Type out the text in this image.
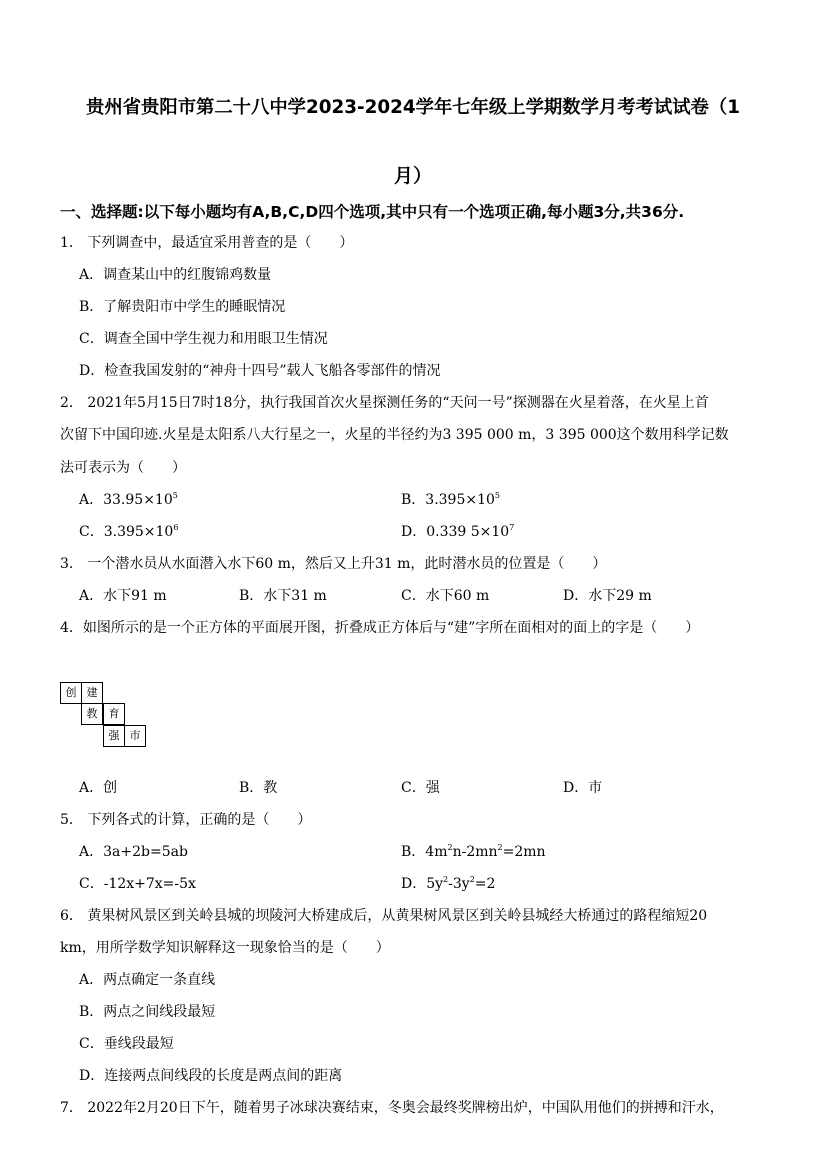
贵州省贵阳市第二十八中学2023-2024学年七年级上学期数学月考考试试卷（1
月）
一、选择题:以下每小题均有A,B,C,D四个选项,其中只有一个选项正确,每小题3分,共36分.
1． 下列调查中，最适宜采用普查的是（　　）
A．调查某山中的红腹锦鸡数量
B．了解贵阳市中学生的睡眠情况
C．调查全国中学生视力和用眼卫生情况
D．检查我国发射的“神舟十四号”载人飞船各零部件的情况
2． 2021年5月15日7时18分，执行我国首次火星探测任务的“天问一号”探测器在火星着落，在火星上首
次留下中国印迹.火星是太阳系八大行星之一，火星的半径约为3 395 000 m，3 395 000这个数用科学记数
法可表示为（　　）
A．$33.95\times 10^5$	B．$3.395\times 10^5$
C．$3.395\times 10^6$	D．0.339 $5\times 10^7$
3． 一个潜水员从水面潜入水下60 m，然后又上升31 m，此时潜水员的位置是（　　）
A．水下91 m	B．水下31 m	C．水下60 m	D．水下29 m
4．如图所示的是一个正方体的平面展开图，折叠成正方体后与“建”字所在面相对的面上的字是（　　）
创 建
教	育
强 市
A．创	B．教	C．强	D．市
5． 下列各式的计算，正确的是（　　）
A．3a+2b=5ab	B．$4m^2n-2mn^2=2mn$
C．-12x+7x=-5x	D．$5y^2-3y^2=2$
6． 黄果树风景区到关岭县城的坝陵河大桥建成后，从黄果树风景区到关岭县城经大桥通过的路程缩短20
km，用所学数学知识解释这一现象恰当的是（　　）
A．两点确定一条直线
B．两点之间线段最短
C．垂线段最短
D．连接两点间线段的长度是两点间的距离
7． 2022年2月20日下午，随着男子冰球决赛结束，冬奥会最终奖牌榜出炉，中国队用他们的拼搏和汗水，
